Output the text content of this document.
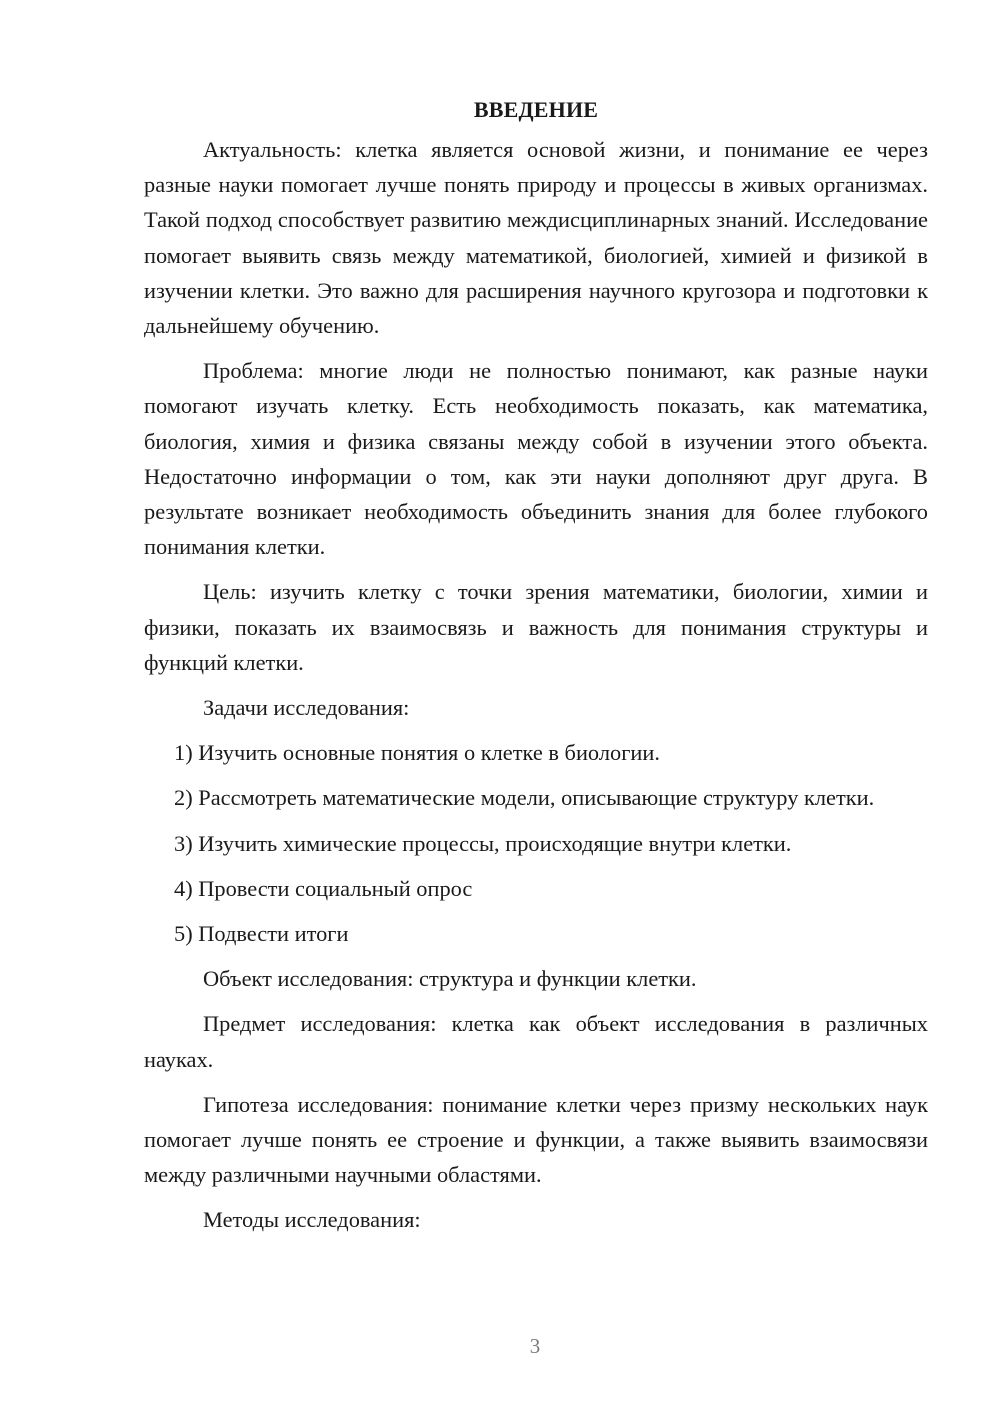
ВВЕДЕНИЕ

Актуальность: клетка является основой жизни, и понимание ее через разные науки помогает лучше понять природу и процессы в живых организмах. Такой подход способствует развитию междисциплинарных знаний. Исследование помогает выявить связь между математикой, биологией, химией и физикой в изучении клетки. Это важно для расширения научного кругозора и подготовки к дальнейшему обучению.

Проблема: многие люди не полностью понимают, как разные науки помогают изучать клетку. Есть необходимость показать, как математика, биология, химия и физика связаны между собой в изучении этого объекта. Недостаточно информации о том, как эти науки дополняют друг друга. В результате возникает необходимость объединить знания для более глубокого понимания клетки.

Цель: изучить клетку с точки зрения математики, биологии, химии и физики, показать их взаимосвязь и важность для понимания структуры и функций клетки.

Задачи исследования:

1) Изучить основные понятия о клетке в биологии.

2) Рассмотреть математические модели, описывающие структуру клетки.

3) Изучить химические процессы, происходящие внутри клетки.

4) Провести социальный опрос

5) Подвести итоги

Объект исследования: структура и функции клетки.

Предмет исследования: клетка как объект исследования в различных науках.

Гипотеза исследования: понимание клетки через призму нескольких наук помогает лучше понять ее строение и функции, а также выявить взаимосвязи между различными научными областями.

Методы исследования:

3
